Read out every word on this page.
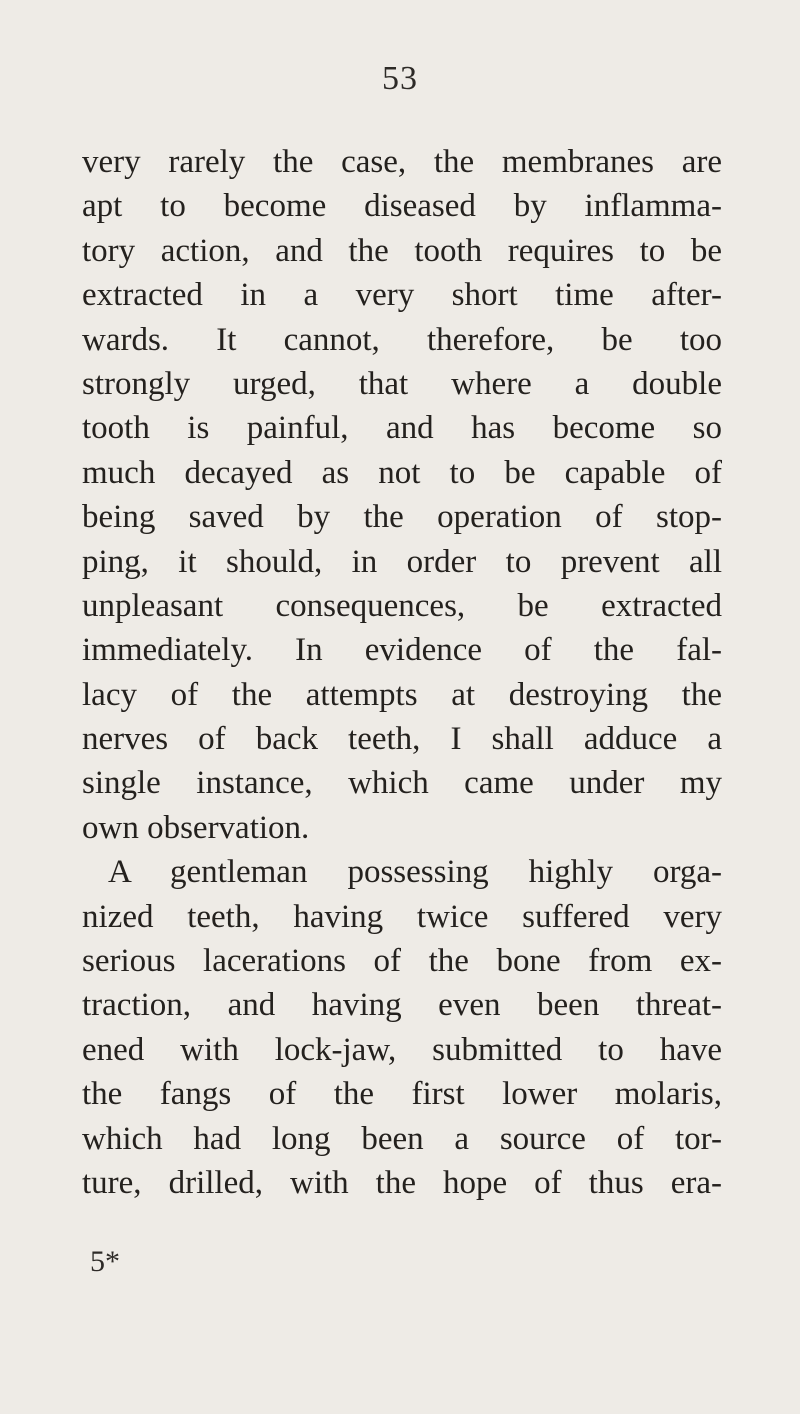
53
very rarely the case, the membranes are
apt to become diseased by inflamma-
tory action, and the tooth requires to be
extracted in a very short time after-
wards. It cannot, therefore, be too
strongly urged, that where a double
tooth is painful, and has become so
much decayed as not to be capable of
being saved by the operation of stop-
ping, it should, in order to prevent all
unpleasant consequences, be extracted
immediately. In evidence of the fal-
lacy of the attempts at destroying the
nerves of back teeth, I shall adduce a
single instance, which came under my
own observation.
A gentleman possessing highly orga-
nized teeth, having twice suffered very
serious lacerations of the bone from ex-
traction, and having even been threat-
ened with lock-jaw, submitted to have
the fangs of the first lower molaris,
which had long been a source of tor-
ture, drilled, with the hope of thus era-
5*
